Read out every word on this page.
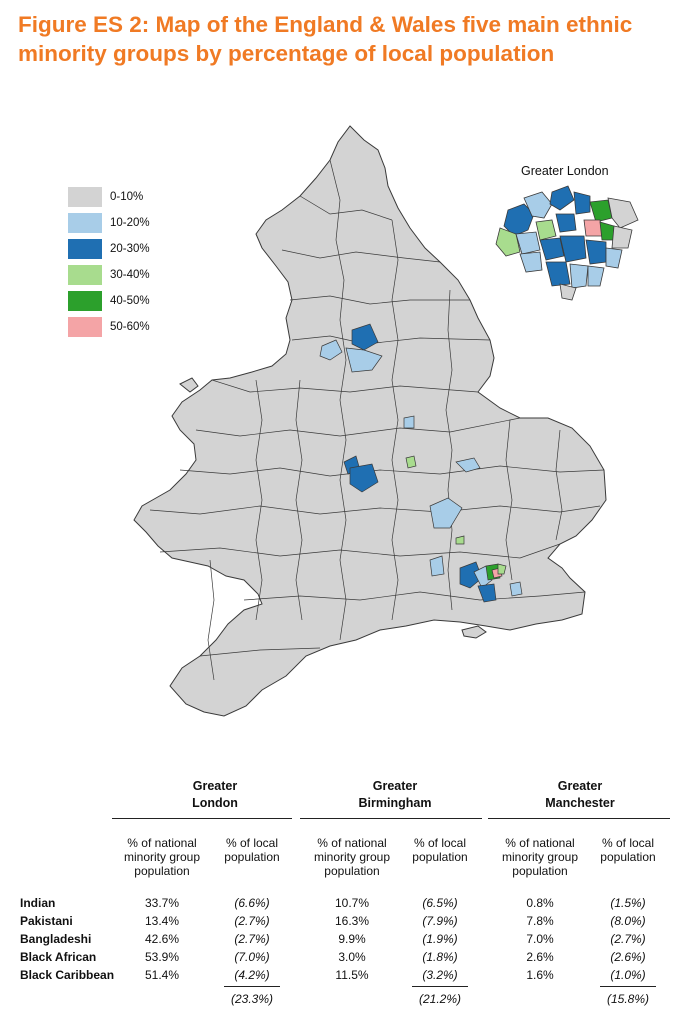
Figure ES 2: Map of the England & Wales five main ethnic minority groups by percentage of local population
0-10%
10-20%
20-30%
30-40%
40-50%
50-60%
Greater London
Greater
London
Greater
Birmingham
Greater
Manchester
% of national
minority group
population
% of local
population
% of national
minority group
population
% of local
population
% of national
minority group
population
% of local
population
Indian	33.7%	(6.6%)	10.7%	(6.5%)	0.8%	(1.5%)
Pakistani	13.4%	(2.7%)	16.3%	(7.9%)	7.8%	(8.0%)
Bangladeshi	42.6%	(2.7%)	9.9%	(1.9%)	7.0%	(2.7%)
Black African	53.9%	(7.0%)	3.0%	(1.8%)	2.6%	(2.6%)
Black Caribbean	51.4%	(4.2%)	11.5%	(3.2%)	1.6%	(1.0%)
(23.3%)	(21.2%)	(15.8%)
